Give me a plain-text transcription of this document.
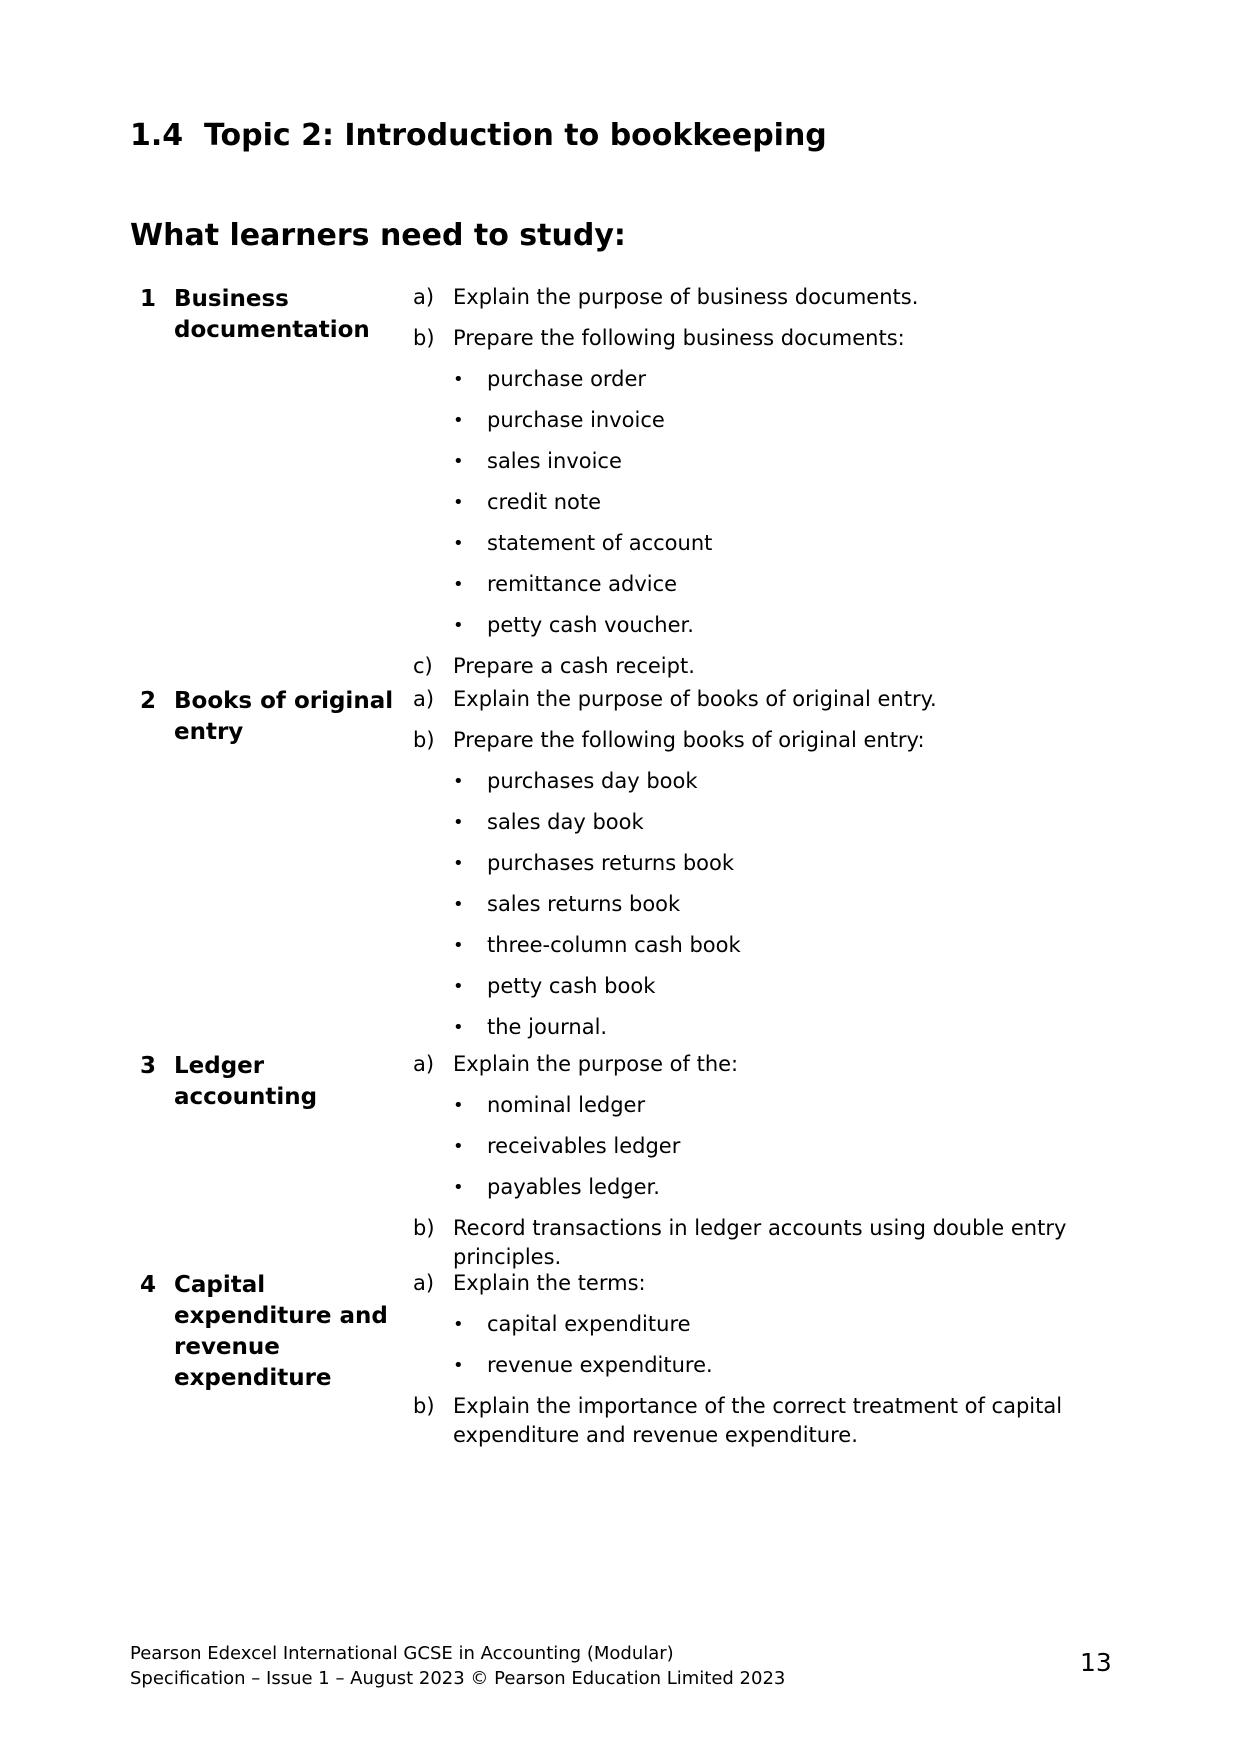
1.4 Topic 2: Introduction to bookkeeping
What learners need to study:
1 Business documentation
a) Explain the purpose of business documents.
b) Prepare the following business documents:
•	purchase order
•	purchase invoice
•	sales invoice
•	credit note
•	statement of account
•	remittance advice
•	petty cash voucher.
c) Prepare a cash receipt.
2 Books of original entry
a) Explain the purpose of books of original entry.
b) Prepare the following books of original entry:
•	purchases day book
•	sales day book
•	purchases returns book
•	sales returns book
•	three-column cash book
•	petty cash book
•	the journal.
3 Ledger accounting
a) Explain the purpose of the:
•	nominal ledger
•	receivables ledger
•	payables ledger.
b) Record transactions in ledger accounts using double entry principles.
4 Capital expenditure and revenue expenditure
a) Explain the terms:
•	capital expenditure
•	revenue expenditure.
b) Explain the importance of the correct treatment of capital expenditure and revenue expenditure.
Pearson Edexcel International GCSE in Accounting (Modular)
Specification – Issue 1 – August 2023 © Pearson Education Limited 2023
13
